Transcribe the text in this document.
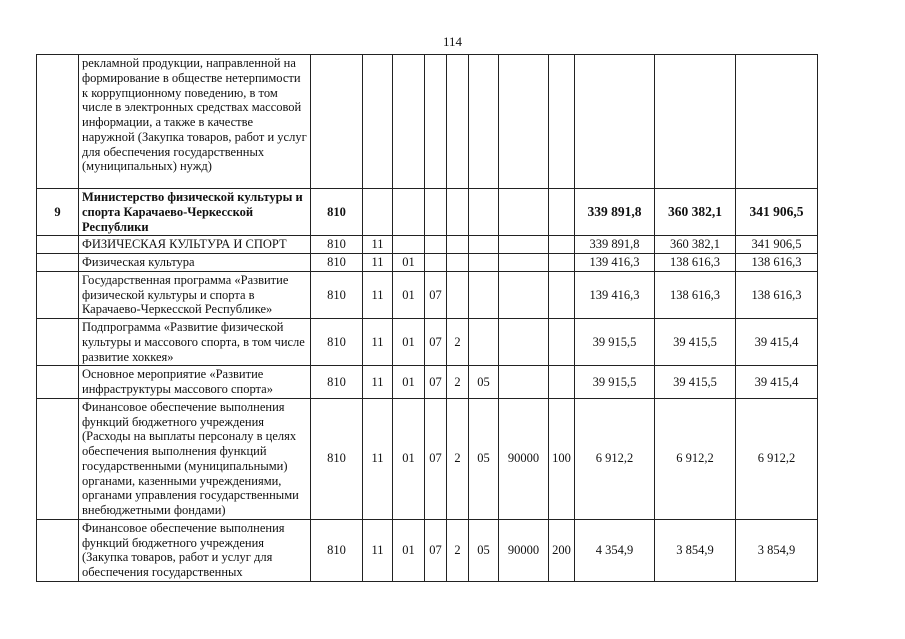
114
	рекламной продукции, направленной на формирование в обществе нетерпимости к коррупционному поведению, в том числе в электронных средствах массовой информации, а также в качестве наружной (Закупка товаров, работ и услуг для обеспечения государственных (муниципальных) нужд)											
9	Министерство физической культуры и спорта Карачаево-Черкесской Республики	810								339 891,8	360 382,1	341 906,5
	ФИЗИЧЕСКАЯ КУЛЬТУРА И СПОРТ	810	11							339 891,8	360 382,1	341 906,5
	Физическая культура	810	11	01						139 416,3	138 616,3	138 616,3
	Государственная программа «Развитие физической культуры и спорта в Карачаево-Черкесской Республике»	810	11	01	07					139 416,3	138 616,3	138 616,3
	Подпрограмма «Развитие физической культуры и массового спорта, в том числе развитие хоккея»	810	11	01	07	2				39 915,5	39 415,5	39 415,4
	Основное мероприятие «Развитие инфраструктуры массового спорта»	810	11	01	07	2	05			39 915,5	39 415,5	39 415,4
	Финансовое обеспечение выполнения функций бюджетного учреждения (Расходы на выплаты персоналу в целях обеспечения выполнения функций государственными (муниципальными) органами, казенными учреждениями, органами управления государственными внебюджетными фондами)	810	11	01	07	2	05	90000	100	6 912,2	6 912,2	6 912,2
	Финансовое обеспечение выполнения функций бюджетного учреждения (Закупка товаров, работ и услуг для обеспечения государственных	810	11	01	07	2	05	90000	200	4 354,9	3 854,9	3 854,9
